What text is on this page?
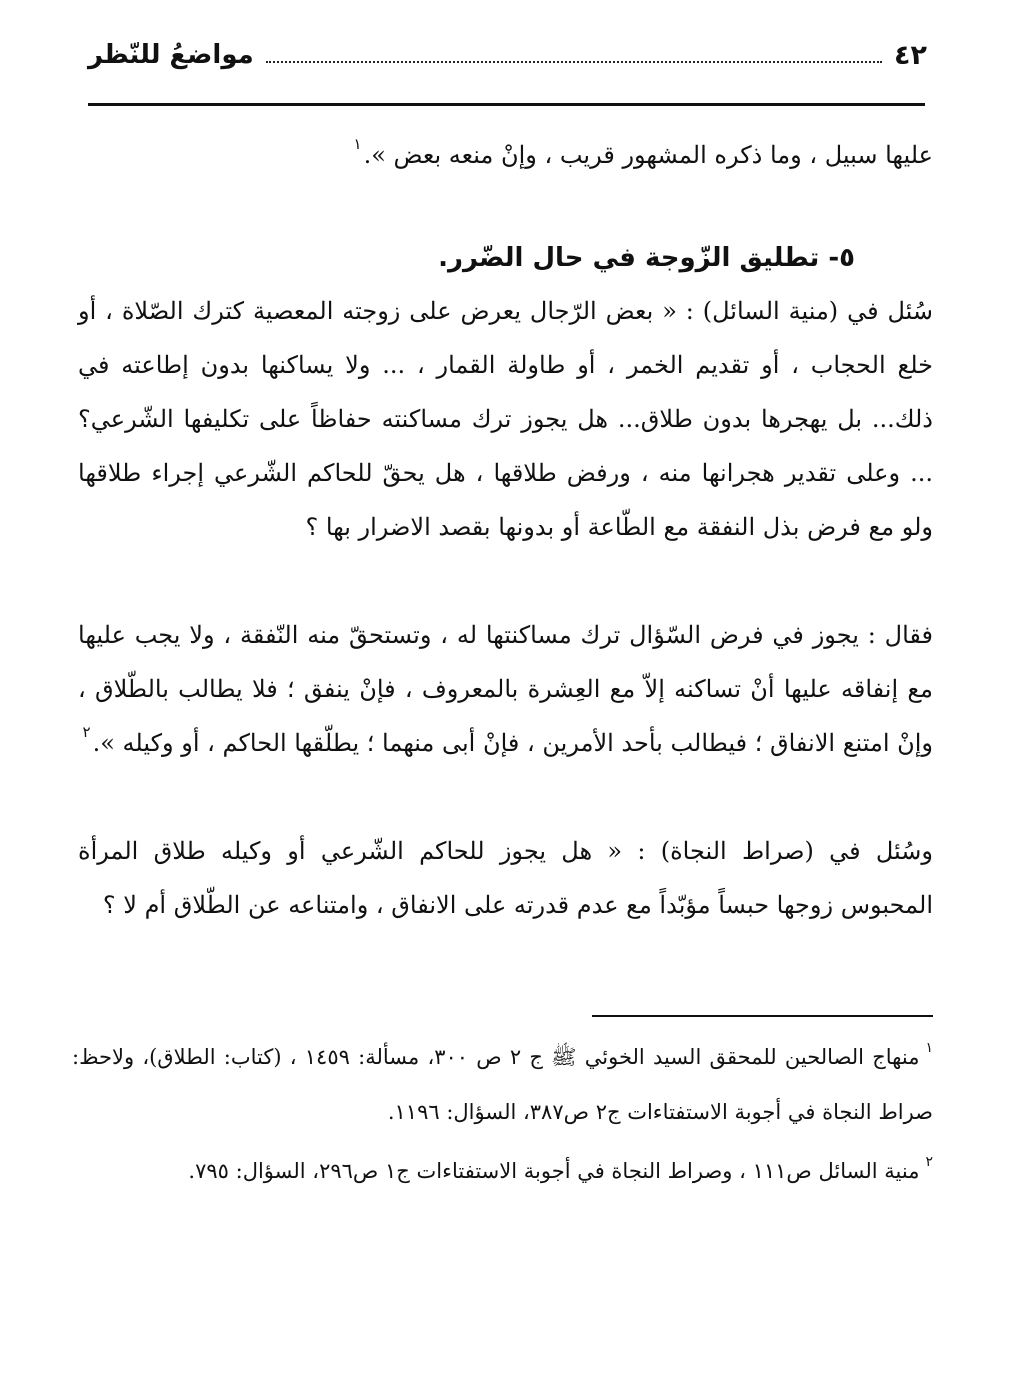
٤٢
مواضعُ للنّظر
عليها سبيل ، وما ذكره المشهور قريب ، وإنْ منعه بعض ».$^١$
٥- تطليق الزّوجة في حال الضّرر.
سُئل في (منية السائل) : « بعض الرّجال يعرض على زوجته المعصية كترك الصّلاة ، أو خلع الحجاب ، أو تقديم الخمر ، أو طاولة القمار ، ... ولا يساكنها بدون إطاعته في ذلك... بل يهجرها بدون طلاق... هل يجوز ترك مساكنته حفاظاً على تكليفها الشّرعي؟ ... وعلى تقدير هجرانها منه ، ورفض طلاقها ، هل يحقّ للحاكم الشّرعي إجراء طلاقها ولو مع فرض بذل النفقة مع الطّاعة أو بدونها بقصد الاضرار بها ؟
فقال : يجوز في فرض السّؤال ترك مساكنتها له ، وتستحقّ منه النّفقة ، ولا يجب عليها مع إنفاقه عليها أنْ تساكنه إلاّ مع العِشرة بالمعروف ، فإنْ ينفق ؛ فلا يطالب بالطّلاق ، وإنْ امتنع الانفاق ؛ فيطالب بأحد الأمرين ، فإنْ أبى منهما ؛ يطلّقها الحاكم ، أو وكيله ».$^٢$
وسُئل في (صراط النجاة) : « هل يجوز للحاكم الشّرعي أو وكيله طلاق المرأة المحبوس زوجها حبساً مؤبّداً مع عدم قدرته على الانفاق ، وامتناعه عن الطّلاق أم لا ؟
$^١$منهاج الصالحين للمحقق السيد الخوئي ﷺ ج ٢ ص ٣٠٠، مسألة: ١٤٥٩ ، (كتاب: الطلاق)، ولاحظ: صراط النجاة في أجوبة الاستفتاءات ج٢ ص٣٨٧، السؤال: ١١٩٦.
$^٢$منية السائل ص١١١ ، وصراط النجاة في أجوبة الاستفتاءات ج١ ص٢٩٦، السؤال: ٧٩٥.
